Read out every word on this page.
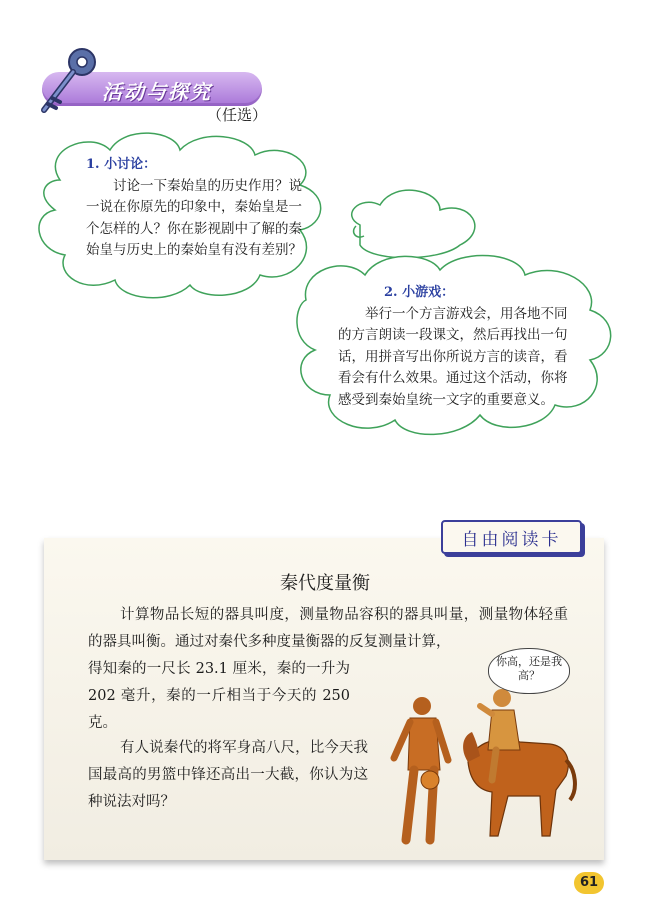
活动与探究
（任选）
1. 小讨论：
讨论一下秦始皇的历史作用？说一说在你原先的印象中，秦始皇是一个怎样的人？你在影视剧中了解的秦始皇与历史上的秦始皇有没有差别？
2. 小游戏：
举行一个方言游戏会，用各地不同的方言朗读一段课文，然后再找出一句话，用拼音写出你所说方言的读音，看看会有什么效果。通过这个活动，你将感受到秦始皇统一文字的重要意义。
自由阅读卡
秦代度量衡
计算物品长短的器具叫度，测量物品容积的器具叫量，测量物体轻重的器具叫衡。通过对秦代多种度量衡器的反复测量计算，
得知秦的一尺长 23.1 厘米，秦的一升为 202 毫升，秦的一斤相当于今天的 250 克。
有人说秦代的将军身高八尺，比今天我国最高的男篮中锋还高出一大截，你认为这种说法对吗？
你高，还是我高？
61
